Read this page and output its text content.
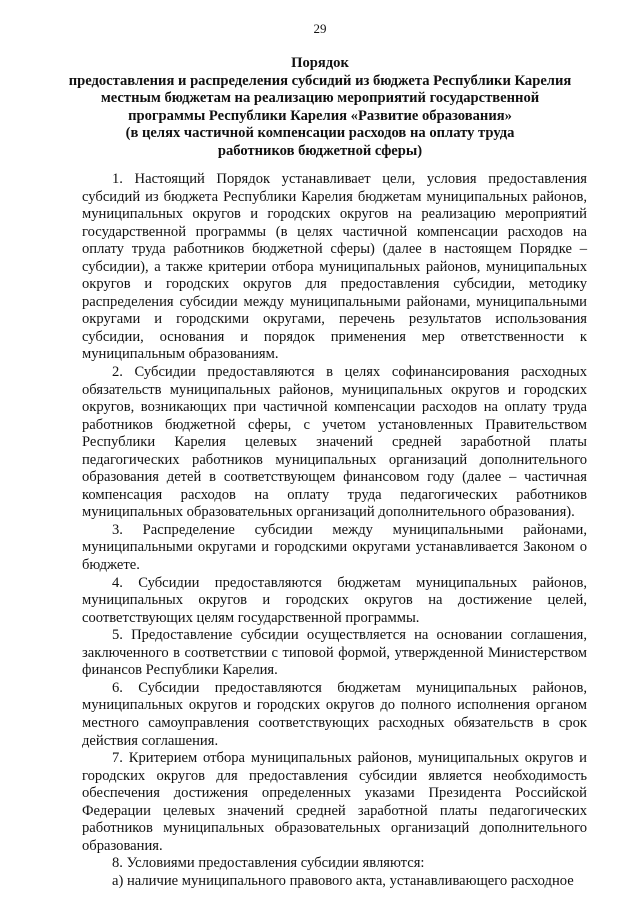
29
Порядок
предоставления и распределения субсидий из бюджета Республики Карелия
местным бюджетам на реализацию мероприятий государственной
программы Республики Карелия «Развитие образования»
(в целях частичной компенсации расходов на оплату труда
работников бюджетной сферы)

1. Настоящий Порядок устанавливает цели, условия предоставления субсидий из бюджета Республики Карелия бюджетам муниципальных районов, муниципальных округов и городских округов на реализацию мероприятий государственной программы (в целях частичной компенсации расходов на оплату труда работников бюджетной сферы) (далее в настоящем Порядке – субсидии), а также критерии отбора муниципальных районов, муниципальных округов и городских округов для предоставления субсидии, методику распределения субсидии между муниципальными районами, муниципальными округами и городскими округами, перечень результатов использования субсидии, основания и порядок применения мер ответственности к муниципальным образованиям.

2. Субсидии предоставляются в целях софинансирования расходных обязательств муниципальных районов, муниципальных округов и городских округов, возникающих при частичной компенсации расходов на оплату труда работников бюджетной сферы, с учетом установленных Правительством Республики Карелия целевых значений средней заработной платы педагогических работников муниципальных организаций дополнительного образования детей в соответствующем финансовом году (далее – частичная компенсация расходов на оплату труда педагогических работников муниципальных образовательных организаций дополнительного образования).

3. Распределение субсидии между муниципальными районами, муниципальными округами и городскими округами устанавливается Законом о бюджете.

4. Субсидии предоставляются бюджетам муниципальных районов, муниципальных округов и городских округов на достижение целей, соответствующих целям государственной программы.

5. Предоставление субсидии осуществляется на основании соглашения, заключенного в соответствии с типовой формой, утвержденной Министерством финансов Республики Карелия.

6. Субсидии предоставляются бюджетам муниципальных районов, муниципальных округов и городских округов до полного исполнения органом местного самоуправления соответствующих расходных обязательств в срок действия соглашения.

7. Критерием отбора муниципальных районов, муниципальных округов и городских округов для предоставления субсидии является необходимость обеспечения достижения определенных указами Президента Российской Федерации целевых значений средней заработной платы педагогических работников муниципальных образовательных организаций дополнительного образования.

8. Условиями предоставления субсидии являются:

а) наличие муниципального правового акта, устанавливающего расходное
